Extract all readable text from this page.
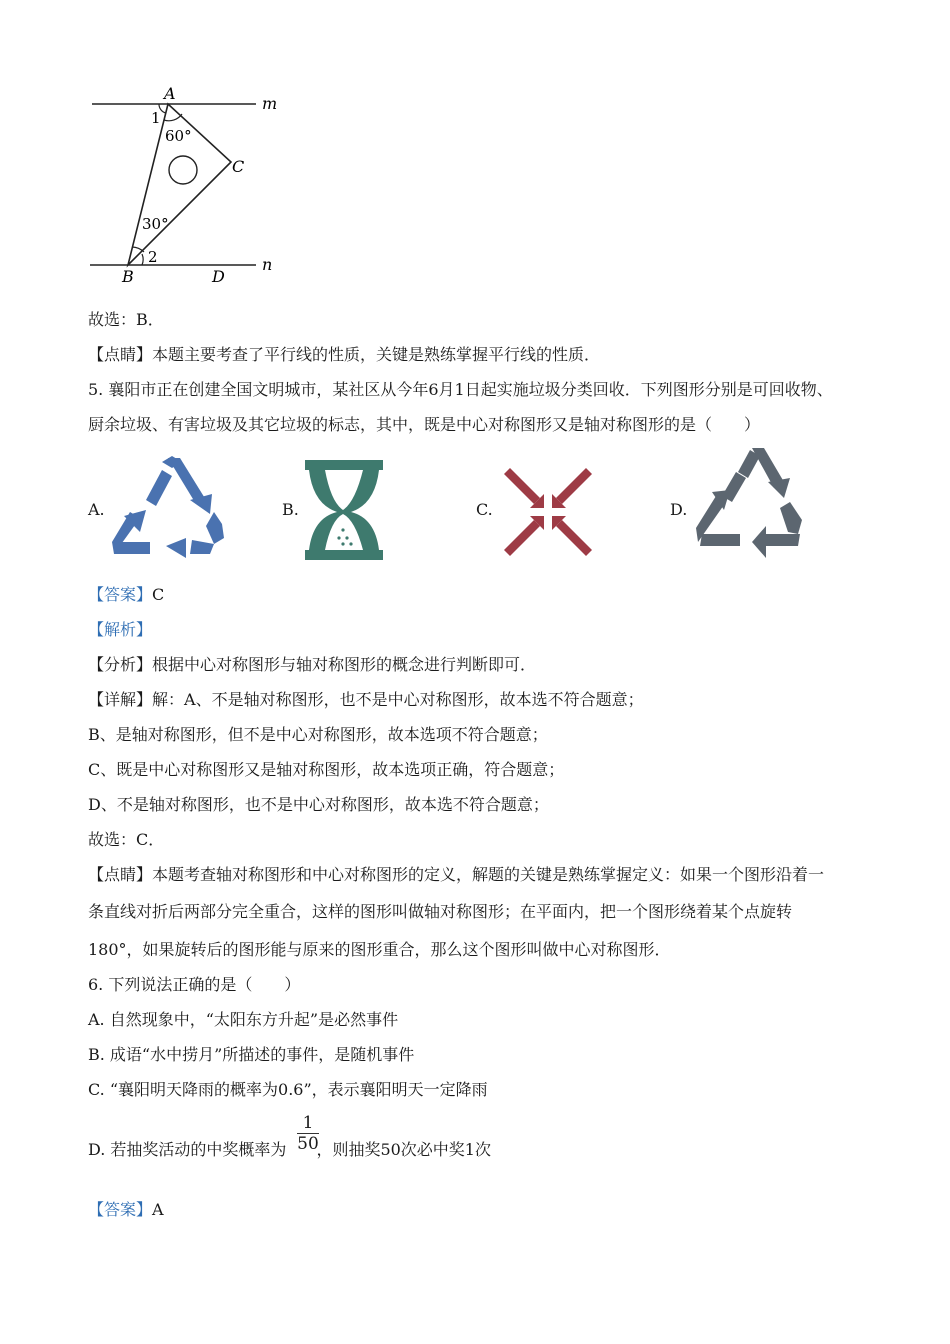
A
m
1
60°
C
30°
2	n
B	D
故选：B．
【点睛】本题主要考查了平行线的性质，关键是熟练掌握平行线的性质．
5. 襄阳市正在创建全国文明城市，某社区从今年6月1日起实施垃圾分类回收．下列图形分别是可回收物、
厨余垃圾、有害垃圾及其它垃圾的标志，其中，既是中心对称图形又是轴对称图形的是（　　）
A.	B.	C.	D.
【答案】C
【解析】
【分析】根据中心对称图形与轴对称图形的概念进行判断即可．
【详解】解：A、不是轴对称图形，也不是中心对称图形，故本选不符合题意；
B、是轴对称图形，但不是中心对称图形，故本选项不符合题意；
C、既是中心对称图形又是轴对称图形，故本选项正确，符合题意；
D、不是轴对称图形，也不是中心对称图形，故本选不符合题意；
故选：C．
【点睛】本题考查轴对称图形和中心对称图形的定义，解题的关键是熟练掌握定义：如果一个图形沿着一
条直线对折后两部分完全重合，这样的图形叫做轴对称图形；在平面内，把一个图形绕着某个点旋转
180°，如果旋转后的图形能与原来的图形重合，那么这个图形叫做中心对称图形．
6. 下列说法正确的是（　　）
A. 自然现象中，“太阳东方升起”是必然事件
B. 成语“水中捞月”所描述的事件，是随机事件
C. “襄阳明天降雨的概率为0.6”，表示襄阳明天一定降雨
D. 若抽奖活动的中奖概率为 ，则抽奖50次必中奖1次
1
50
【答案】A
